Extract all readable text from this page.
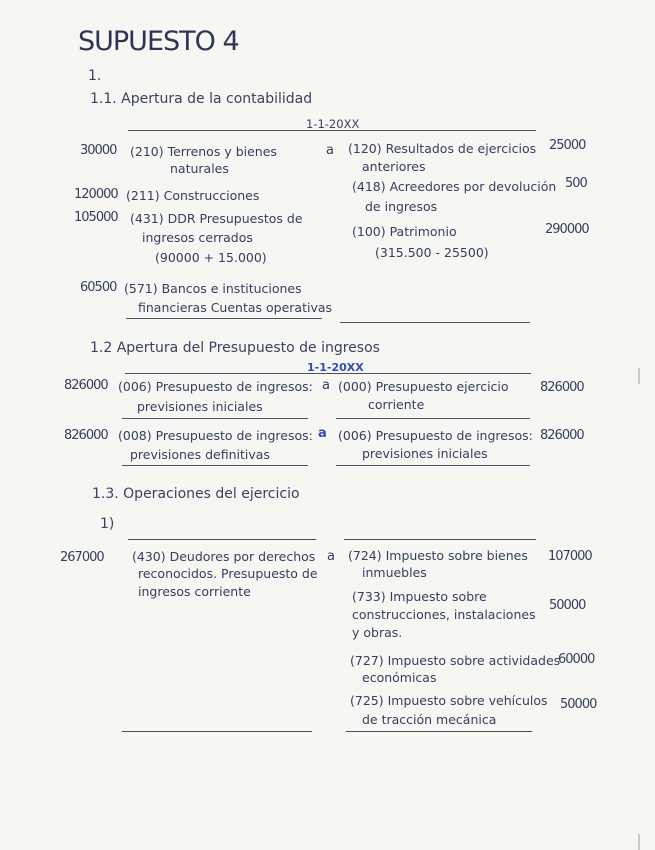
SUPUESTO 4
1.
1.1. Apertura de la contabilidad
1-1-20XX
30000 (210) Terrenos y bienes
naturales
120000 (211) Construcciones
105000 (431) DDR Presupuestos de
ingresos cerrados
(90000 + 15.000)
60500 (571) Bancos e instituciones
financieras Cuentas operativas
a (120) Resultados de ejercicios
anteriores
25000
(418) Acreedores por devolución
de ingresos
500
(100) Patrimonio
(315.500 - 25500)
290000
1.2 Apertura del Presupuesto de ingresos
1-1-20XX
826000 (006) Presupuesto de ingresos:
previsiones iniciales
a (000) Presupuesto ejercicio
corriente
826000
826000 (008) Presupuesto de ingresos:
previsiones definitivas
a (006) Presupuesto de ingresos:
previsiones iniciales
826000
1.3. Operaciones del ejercicio
1)
267000 (430) Deudores por derechos
reconocidos. Presupuesto de
ingresos corriente
a (724) Impuesto sobre bienes
inmuebles
107000
(733) Impuesto sobre
construcciones, instalaciones
y obras.
50000
(727) Impuesto sobre actividades
económicas
60000
(725) Impuesto sobre vehículos
de tracción mecánica
50000
